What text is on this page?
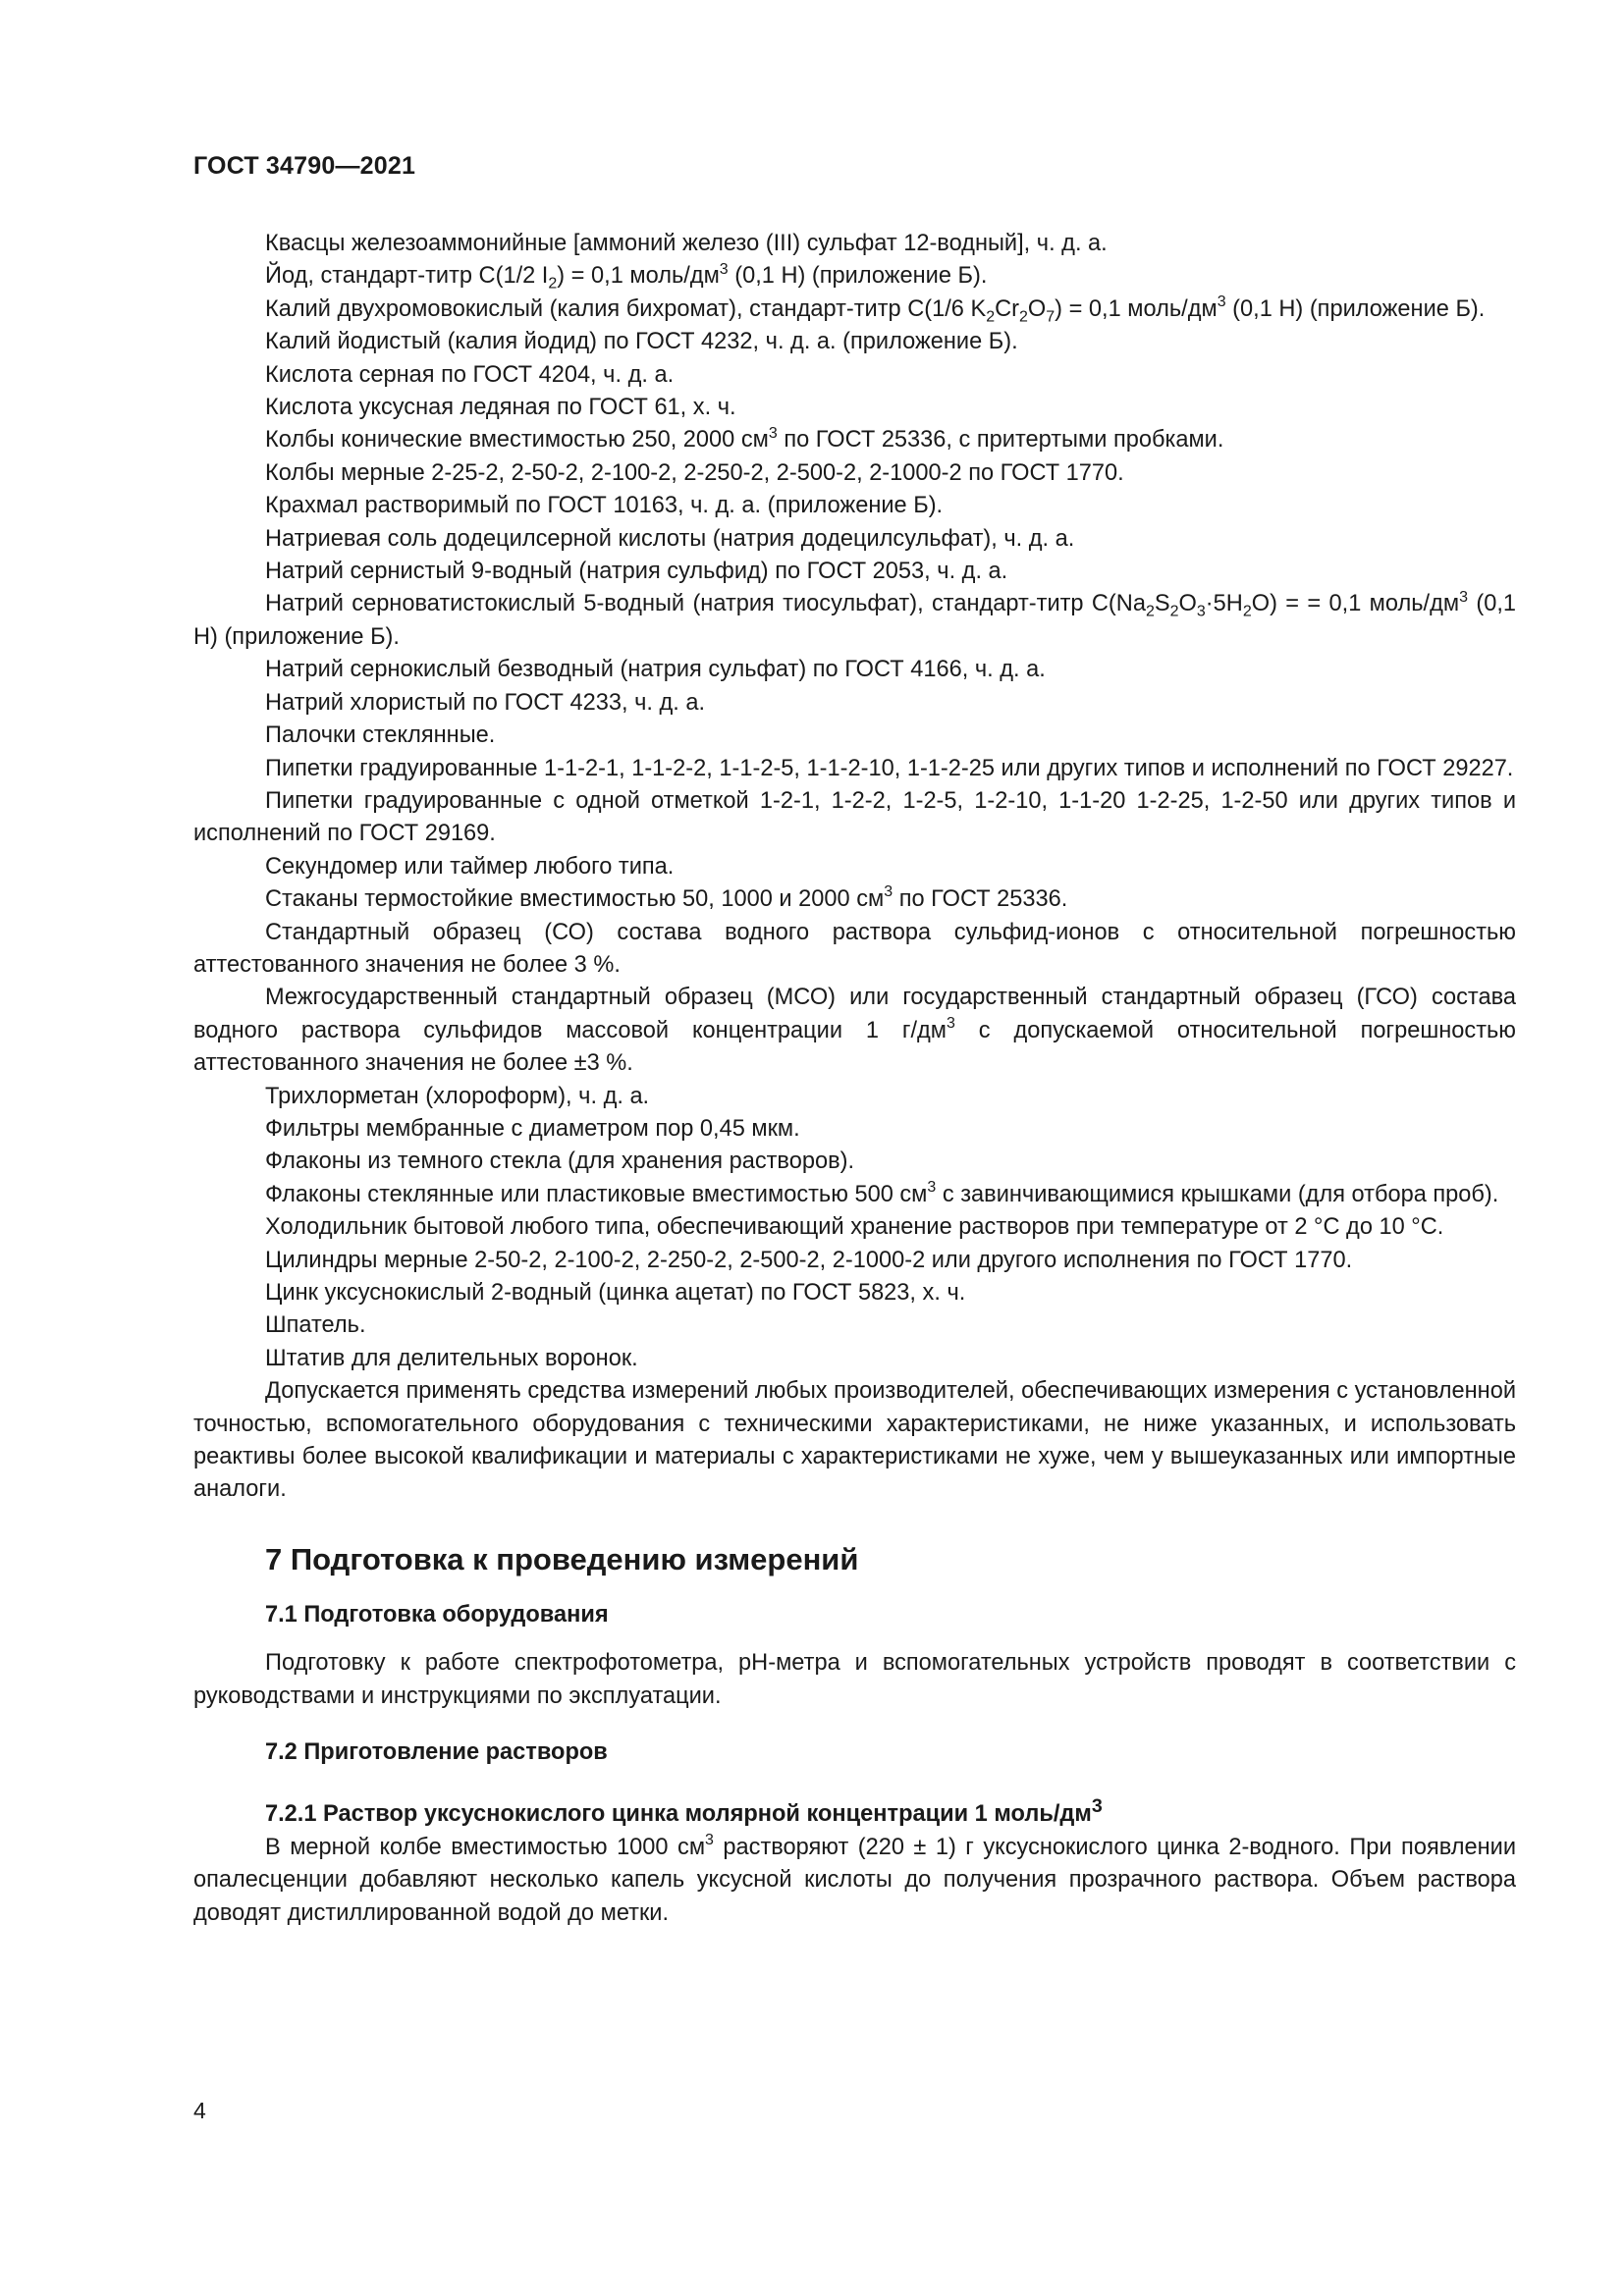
ГОСТ 34790—2021

Квасцы железоаммонийные [аммоний железо (III) сульфат 12-водный], ч. д. а.

Йод, стандарт-титр С(1/2 $I_2) = 0,1$ моль/$дм^3$ (0,1 Н) (приложение Б).

Калий двухромовокислый (калия бихромат), стандарт-титр С(1/6 $K_2Cr_2O_7) = 0,1$ моль/$дм^3$ (0,1 Н) (приложение Б).

Калий йодистый (калия йодид) по ГОСТ 4232, ч. д. а. (приложение Б).

Кислота серная по ГОСТ 4204, ч. д. а.

Кислота уксусная ледяная по ГОСТ 61, х. ч.

Колбы конические вместимостью 250, 2000 $см^3$ по ГОСТ 25336, с притертыми пробками.

Колбы мерные 2-25-2, 2-50-2, 2-100-2, 2-250-2, 2-500-2, 2-1000-2 по ГОСТ 1770.

Крахмал растворимый по ГОСТ 10163, ч. д. а. (приложение Б).

Натриевая соль додецилсерной кислоты (натрия додецилсульфат), ч. д. а.

Натрий сернистый 9-водный (натрия сульфид) по ГОСТ 2053, ч. д. а.

Натрий серноватистокислый 5-водный (натрия тиосульфат), стандарт-титр $С(Na_2S_2O_3\cdot 5H_2O)$ = = 0,1 моль/$дм^3$ (0,1 Н) (приложение Б).

Натрий сернокислый безводный (натрия сульфат) по ГОСТ 4166, ч. д. а.

Натрий хлористый по ГОСТ 4233, ч. д. а.

Палочки стеклянные.

Пипетки градуированные 1-1-2-1, 1-1-2-2, 1-1-2-5, 1-1-2-10, 1-1-2-25 или других типов и исполнений по ГОСТ 29227.

Пипетки градуированные с одной отметкой 1-2-1, 1-2-2, 1-2-5, 1-2-10, 1-1-20 1-2-25, 1-2-50 или других типов и исполнений по ГОСТ 29169.

Секундомер или таймер любого типа.

Стаканы термостойкие вместимостью 50, 1000 и 2000 $см^3$ по ГОСТ 25336.

Стандартный образец (СО) состава водного раствора сульфид-ионов с относительной погрешностью аттестованного значения не более 3 %.

Межгосударственный стандартный образец (МСО) или государственный стандартный образец (ГСО) состава водного раствора сульфидов массовой концентрации 1 $г/дм^3$ с допускаемой относительной погрешностью аттестованного значения не более ±3 %.

Трихлорметан (хлороформ), ч. д. а.

Фильтры мембранные с диаметром пор 0,45 мкм.

Флаконы из темного стекла (для хранения растворов).

Флаконы стеклянные или пластиковые вместимостью 500 $см^3$ с завинчивающимися крышками (для отбора проб).

Холодильник бытовой любого типа, обеспечивающий хранение растворов при температуре от 2 °С до 10 °С.

Цилиндры мерные 2-50-2, 2-100-2, 2-250-2, 2-500-2, 2-1000-2 или другого исполнения по ГОСТ 1770.

Цинк уксуснокислый 2-водный (цинка ацетат) по ГОСТ 5823, х. ч.

Шпатель.

Штатив для делительных воронок.

Допускается применять средства измерений любых производителей, обеспечивающих измерения с установленной точностью, вспомогательного оборудования с техническими характеристиками, не ниже указанных, и использовать реактивы более высокой квалификации и материалы с характеристиками не хуже, чем у вышеуказанных или импортные аналоги.

7 Подготовка к проведению измерений
7.1 Подготовка оборудования

Подготовку к работе спектрофотометра, pH-метра и вспомогательных устройств проводят в соответствии с руководствами и инструкциями по эксплуатации.

7.2 Приготовление растворов
7.2.1 Раствор уксуснокислого цинка молярной концентрации 1 моль/$дм^3$

В мерной колбе вместимостью 1000 $см^3$ растворяют (220 ± 1) г уксуснокислого цинка 2-водного. При появлении опалесценции добавляют несколько капель уксусной кислоты до получения прозрачного раствора. Объем раствора доводят дистиллированной водой до метки.

4
